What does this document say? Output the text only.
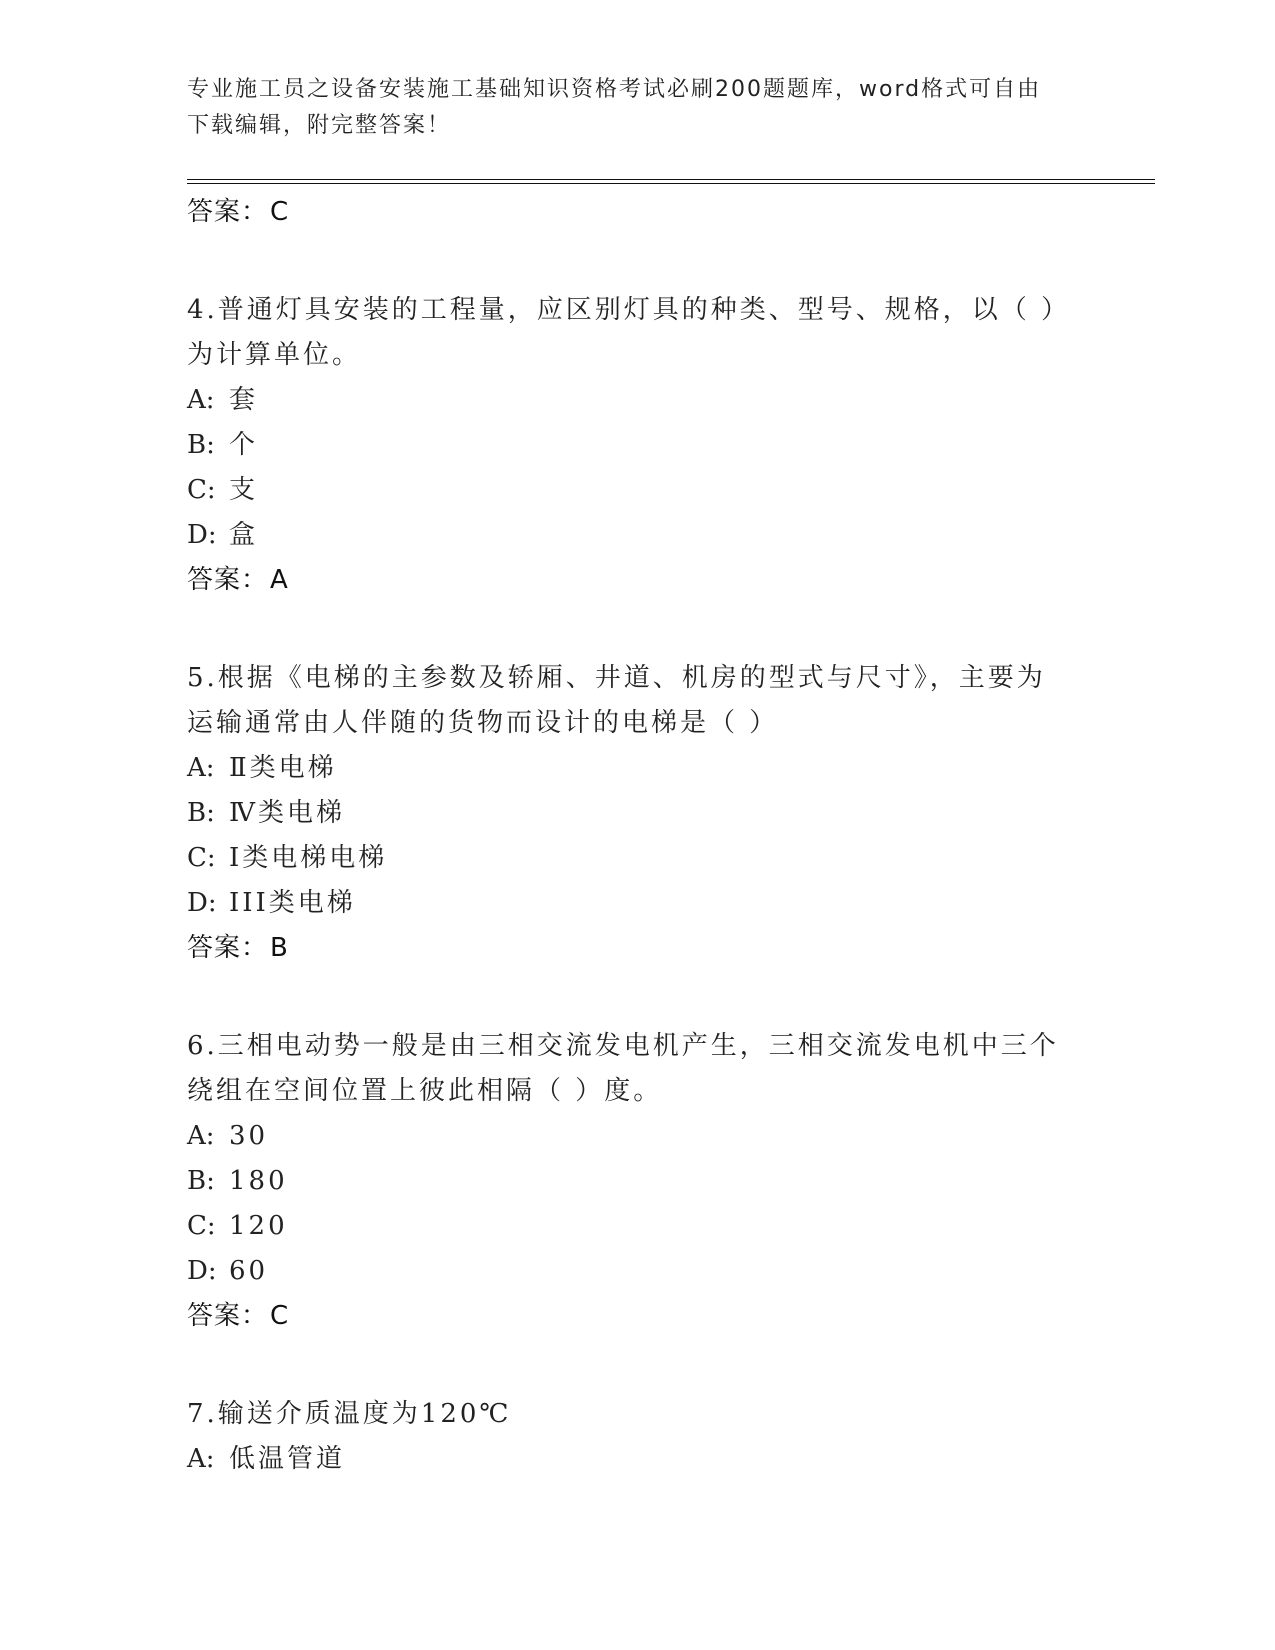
专业施工员之设备安装施工基础知识资格考试必刷200题题库，word格式可自由
下载编辑，附完整答案！
答案：C

4.普通灯具安装的工程量，应区别灯具的种类、型号、规格，以（ ）

为计算单位。

A: 套

B: 个

C: 支

D: 盒

答案：A

5.根据《电梯的主参数及轿厢、井道、机房的型式与尺寸》，主要为

运输通常由人伴随的货物而设计的电梯是（ ）

A: Ⅱ类电梯

B: Ⅳ类电梯

C: Ⅰ类电梯电梯

D: III类电梯

答案：B

6.三相电动势一般是由三相交流发电机产生，三相交流发电机中三个

绕组在空间位置上彼此相隔（ ）度。

A: 30

B: 180

C: 120

D: 60

答案：C

7.输送介质温度为120℃

A: 低温管道
